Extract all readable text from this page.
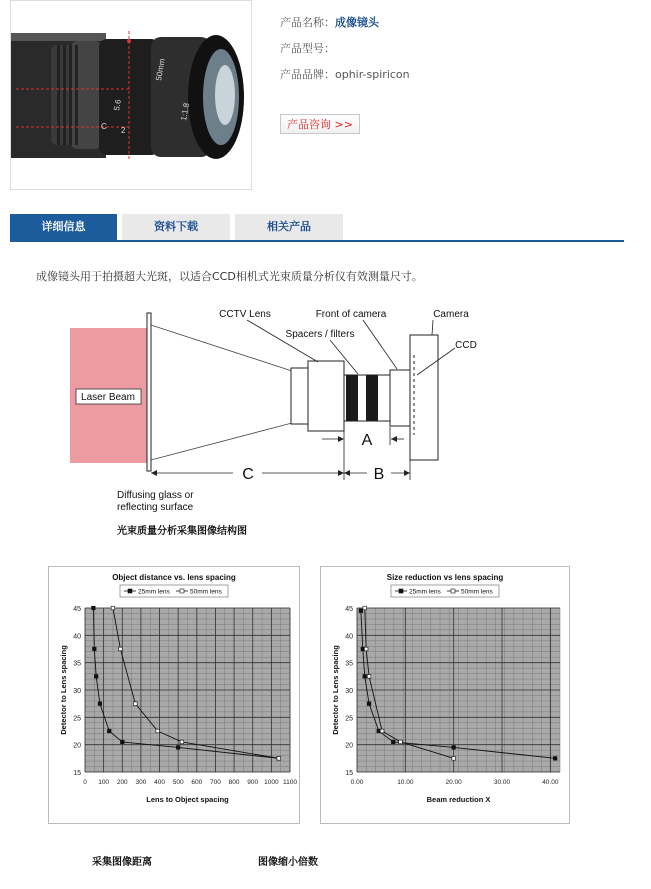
Focus adj
50mm
1:1.8
5.6
2
C
产品名称：成像镜头
产品型号：
产品品牌：ophir-spiricon
产品咨询 >>
详细信息	资料下载	相关产品
成像镜头用于拍摄超大光斑，以适合CCD相机式光束质量分析仪有效测量尺寸。
Laser Beam
CCTV Lens	Front of camera	Camera
Spacers / filters
CCD
A
C	B
Diffusing glass or
reflecting surface
光束质量分析采集图像结构图
15
20
25
30
35
40
45
0 100 200 300 400 500 600 700 800 900 1000 1100
Object distance vs. lens spacing
25mm lens	50mm lens
Lens to Object spacing
Detector to Lens spacing
15
20
25
30
35
40
45
0.00	10.00	20.00	30.00	40.00
Size reduction vs lens spacing
25mm lens	50mm lens
Beam reduction X
Detector to Lens spacing
采集图像距离	图像缩小倍数
